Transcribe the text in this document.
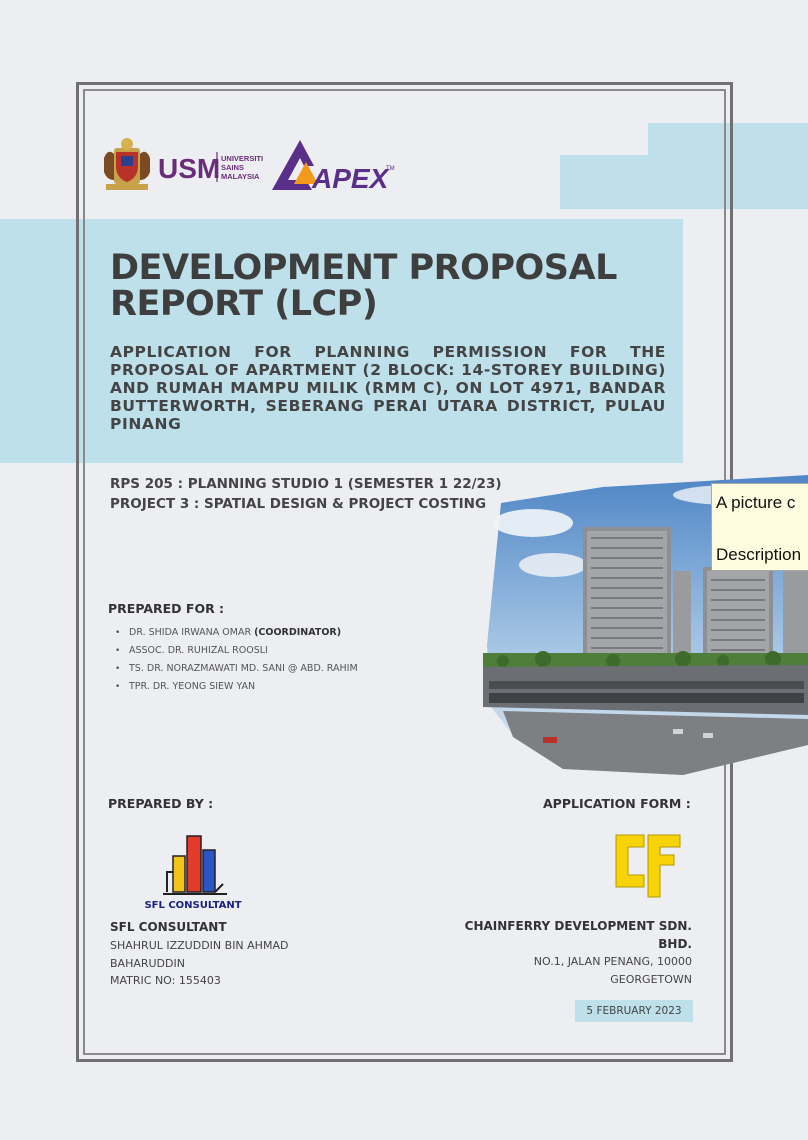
USM UNIVERSITI
SAINS
MALAYSIA APEX
TM
DEVELOPMENT PROPOSAL
REPORT (LCP)

APPLICATION FOR PLANNING PERMISSION FOR THE PROPOSAL OF APARTMENT (2 BLOCK: 14-STOREY BUILDING) AND RUMAH MAMPU MILIK (RMM C), ON LOT 4971, BANDAR BUTTERWORTH, SEBERANG PERAI UTARA DISTRICT, PULAU PINANG

RPS 205 : PLANNING STUDIO 1 (SEMESTER 1 22/23)
PROJECT 3 : SPATIAL DESIGN & PROJECT COSTING	A picture c
Description
PREPARED FOR :
• DR. SHIDA IRWANA OMAR (COORDINATOR)
• ASSOC. DR. RUHIZAL ROOSLI
• TS. DR. NORAZMAWATI MD. SANI @ ABD. RAHIM
• TPR. DR. YEONG SIEW YAN
PREPARED BY :
SFL CONSULTANT
SFL CONSULTANT
SHAHRUL IZZUDDIN BIN AHMAD
BAHARUDDIN
MATRIC NO: 155403
APPLICATION FORM :
CHAINFERRY DEVELOPMENT SDN.
BHD.
NO.1, JALAN PENANG, 10000
GEORGETOWN
5 FEBRUARY 2023
